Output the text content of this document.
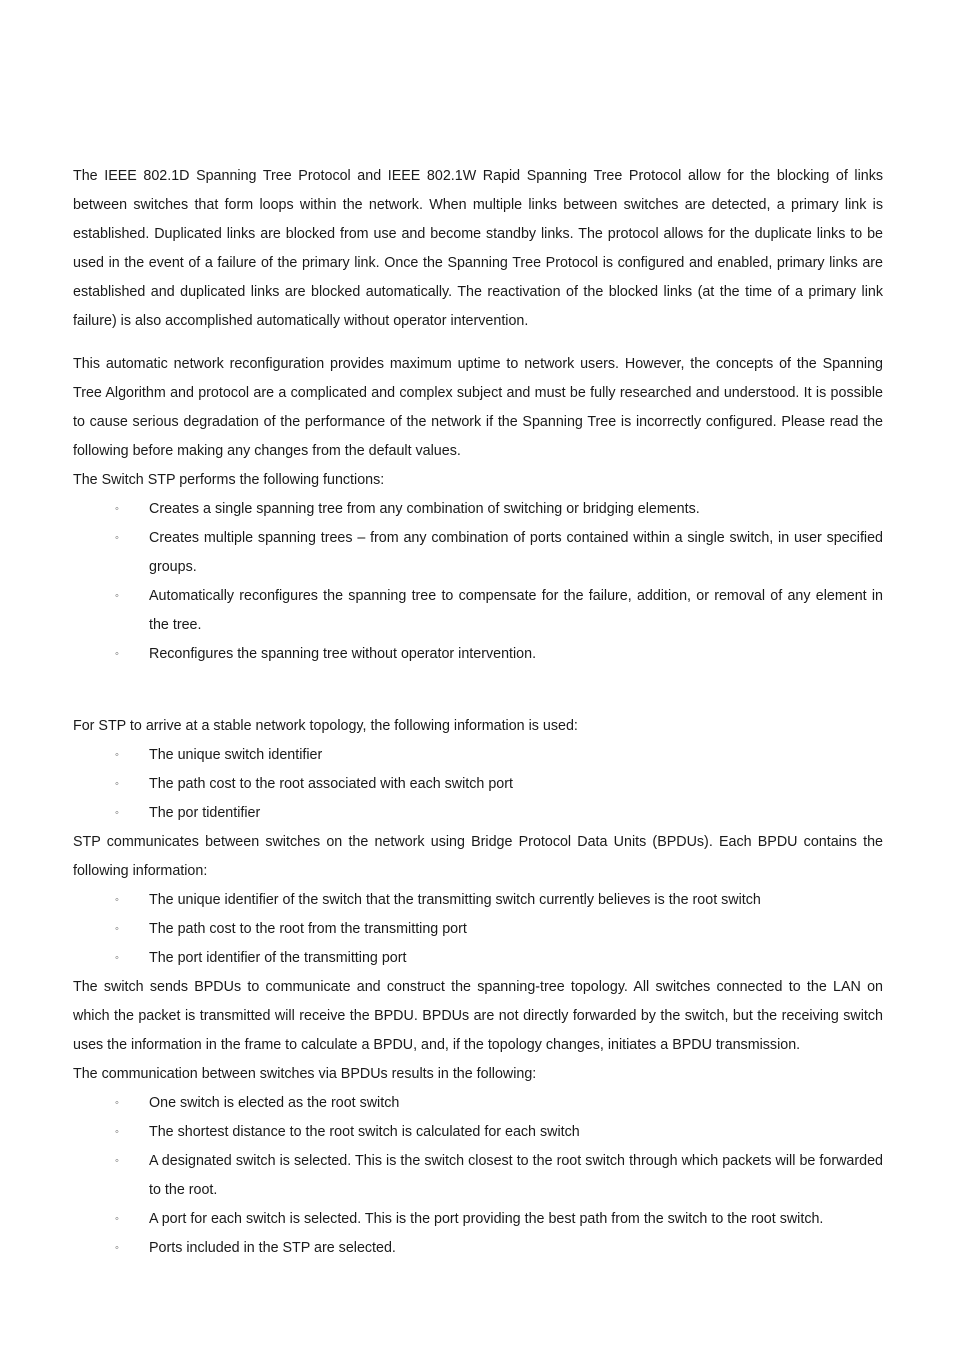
The IEEE 802.1D Spanning Tree Protocol and IEEE 802.1W Rapid Spanning Tree Protocol allow for the blocking of links between switches that form loops within the network. When multiple links between switches are detected, a primary link is established. Duplicated links are blocked from use and become standby links. The protocol allows for the duplicate links to be used in the event of a failure of the primary link. Once the Spanning Tree Protocol is configured and enabled, primary links are established and duplicated links are blocked automatically. The reactivation of the blocked links (at the time of a primary link failure) is also accomplished automatically without operator intervention.

This automatic network reconfiguration provides maximum uptime to network users. However, the concepts of the Spanning Tree Algorithm and protocol are a complicated and complex subject and must be fully researched and understood. It is possible to cause serious degradation of the performance of the network if the Spanning Tree is incorrectly configured. Please read the following before making any changes from the default values.

The Switch STP performs the following functions:

◦ Creates a single spanning tree from any combination of switching or bridging elements.
◦ Creates multiple spanning trees – from any combination of ports contained within a single switch, in user specified groups.
◦ Automatically reconfigures the spanning tree to compensate for the failure, addition, or removal of any element in the tree.
◦ Reconfigures the spanning tree without operator intervention.

For STP to arrive at a stable network topology, the following information is used:

◦ The unique switch identifier
◦ The path cost to the root associated with each switch port
◦ The por tidentifier

STP communicates between switches on the network using Bridge Protocol Data Units (BPDUs). Each BPDU contains the following information:

◦ The unique identifier of the switch that the transmitting switch currently believes is the root switch
◦ The path cost to the root from the transmitting port
◦ The port identifier of the transmitting port

The switch sends BPDUs to communicate and construct the spanning-tree topology. All switches connected to the LAN on which the packet is transmitted will receive the BPDU. BPDUs are not directly forwarded by the switch, but the receiving switch uses the information in the frame to calculate a BPDU, and, if the topology changes, initiates a BPDU transmission.

The communication between switches via BPDUs results in the following:

◦ One switch is elected as the root switch
◦ The shortest distance to the root switch is calculated for each switch
◦ A designated switch is selected. This is the switch closest to the root switch through which packets will be forwarded to the root.
◦ A port for each switch is selected. This is the port providing the best path from the switch to the root switch.
◦ Ports included in the STP are selected.
